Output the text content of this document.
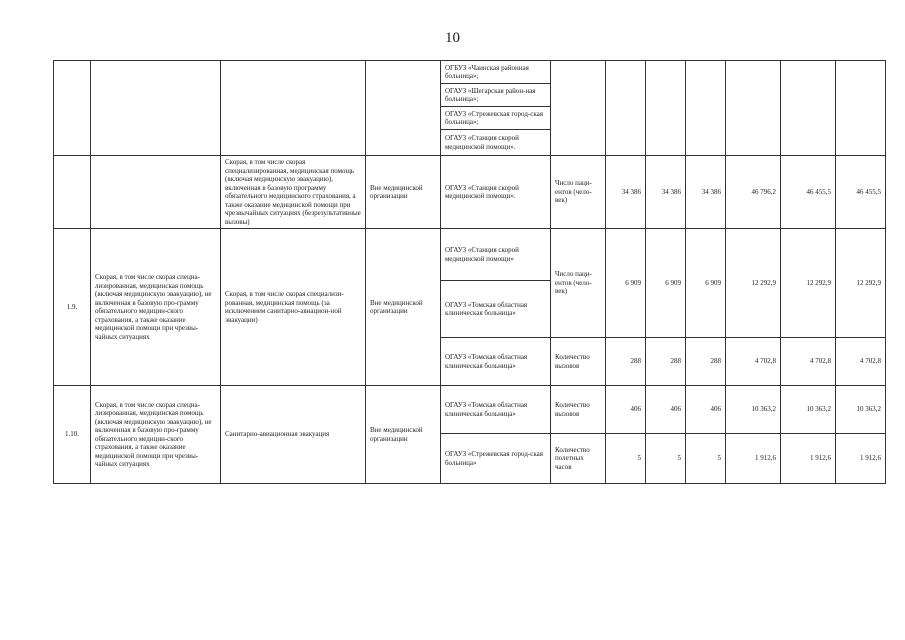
10
				ОГБУЗ «Чаинская районная больница»;							
				ОГАУЗ «Шегарская район-ная больница»;							
				ОГАУЗ «Стрежевская город-ская больница»;							
				ОГАУЗ «Станция скорой медицинской помощи».							
		Скорая, в том числе скорая специализированная, медицинская помощь (включая медицинскую эвакуацию), включенная в базовую программу обязательного медицинского страхования, а также оказание медицинской помощи при чрезвычайных ситуациях (безрезультативные вызовы)	Вне медицинской организации	ОГАУЗ «Станция скорой медицинской помощи».	Число паци-ентов (чело-век)	34 386	34 386	34 386	46 796,2	46 455,5	46 455,5
1.9.	Скорая, в том числе скорая специа-лизированная, медицинская помощь (включая медицинскую эвакуацию), не включенная в базовую про-грамму обязательного медицин-ского страхования, а также оказание медицинской помощи при чрезвы-чайных ситуациях	Скорая, в том числе скорая специализи-рованная, медицинская помощь (за исключением санитарно-авиацион-ной эвакуации)	Вне медицинской организации	ОГАУЗ «Станция скорой медицинской помощи»	Число паци-ентов (чело-век)	6 909	6 909	6 909	12 292,9	12 292,9	12 292,9
				ОГАУЗ «Томская областная клиническая больница»							
				ОГАУЗ «Томская областная клиническая больница»	Количество вызовов	288	288	288	4 702,8	4 702,8	4 702,8
1.10.	Скорая, в том числе скорая специа-лизированная, медицинская помощь (включая медицинскую эвакуацию), не включенная в базовую про-грамму обязательного медицин-ского страхования, а также оказание медицинской помощи при чрезвы-чайных ситуациях	Санитарно-авиационная эвакуация	Вне медицинской организации	ОГАУЗ «Томская областная клиническая больница»	Количество вызовов	406	406	406	10 363,2	10 363,2	10 363,2
				ОГАУЗ «Стрежевская город-ская больница»	Количество полетных часов	5	5	5	1 912,6	1 912,6	1 912,6
